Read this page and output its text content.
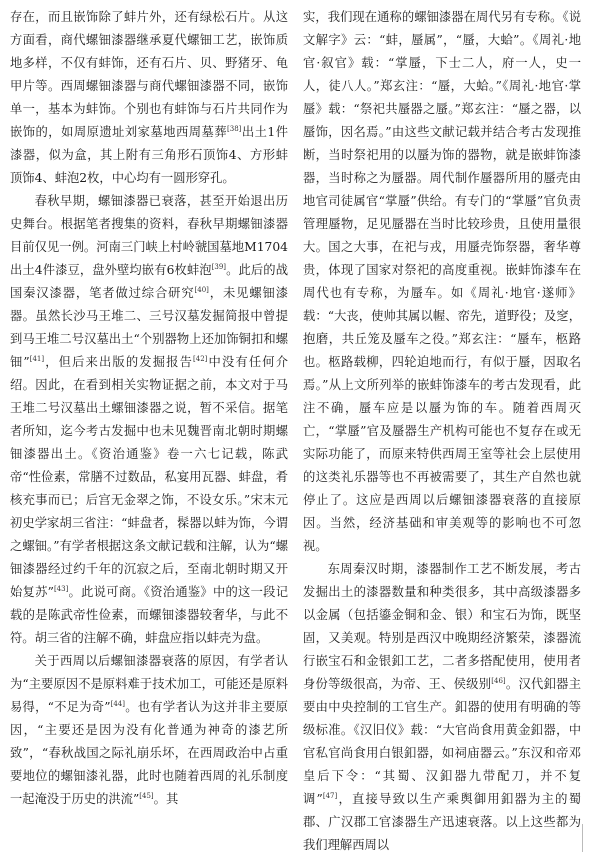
存在，而且嵌饰除了蚌片外，还有绿松石片。从这方面看，商代螺钿漆器继承夏代螺钿工艺，嵌饰质地多样，不仅有蚌饰，还有石片、贝、野猪牙、龟甲片等。西周螺钿漆器与商代螺钿漆器不同，嵌饰单一，基本为蚌饰。个别也有蚌饰与石片共同作为嵌饰的，如周原遗址刘家墓地西周墓葬[38]出土1件漆器，似为盒，其上附有三角形石顶饰4、方形蚌顶饰4、蚌泡2枚，中心均有一圆形穿孔。

春秋早期，螺钿漆器已衰落，甚至开始退出历史舞台。根据笔者搜集的资料，春秋早期螺钿漆器目前仅见一例。河南三门峡上村岭虢国墓地M1704出土4件漆豆，盘外壁均嵌有6枚蚌泡[39]。此后的战国秦汉漆器，笔者做过综合研究[40]，未见螺钿漆器。虽然长沙马王堆二、三号汉墓发掘简报中曾提到马王堆二号汉墓出土“个别器物上还加饰铜扣和螺钿”[41]，但后来出版的发掘报告[42]中没有任何介绍。因此，在看到相关实物证据之前，本文对于马王堆二号汉墓出土螺钿漆器之说，暂不采信。据笔者所知，迄今考古发掘中也未见魏晋南北朝时期螺钿漆器出土。《资治通鉴》卷一六七记载，陈武帝“性俭素，常膳不过数品，私宴用瓦器、蚌盘，肴核充事而已；后宫无金翠之饰，不设女乐。”宋末元初史学家胡三省注：“蚌盘者，髹器以蚌为饰，今谓之螺钿。”有学者根据这条文献记载和注解，认为“螺钿漆器经过约千年的沉寂之后，至南北朝时期又开始复苏”[43]。此说可商。《资治通鉴》中的这一段记载的是陈武帝性俭素，而螺钿漆器较奢华，与此不符。胡三省的注解不确，蚌盘应指以蚌壳为盘。

关于西周以后螺钿漆器衰落的原因，有学者认为“主要原因不是原料难于技术加工，可能还是原料易得，“不足为奇”[44]。也有学者认为这并非主要原因，“主要还是因为没有化普通为神奇的漆艺所致”，“春秋战国之际礼崩乐坏，在西周政治中占重要地位的螺钿漆礼器，此时也随着西周的礼乐制度一起淹没于历史的洪流”[45]。其

实，我们现在通称的螺钿漆器在周代另有专称。《说文解字》云：“蚌，蜃属”，“蜃，大蛤”。《周礼·地官·叙官》载：“掌蜃，下士二人，府一人，史一人，徒八人。”郑玄注：“蜃，大蛤。”《周礼·地官·掌蜃》载：“祭祀共蜃器之蜃。”郑玄注：“蜃之器，以蜃饰，因名焉。”由这些文献记载并结合考古发现推断，当时祭祀用的以蜃为饰的器物，就是嵌蚌饰漆器，当时称之为蜃器。周代制作蜃器所用的蜃壳由地官司徒属官“掌蜃”供给。有专门的“掌蜃”官负责管理蜃物，足见蜃器在当时比较珍贵，且使用量很大。国之大事，在祀与戎，用蜃壳饰祭器，奢华尊贵，体现了国家对祭祀的高度重视。嵌蚌饰漆车在周代也有专称，为蜃车。如《周礼·地官·遂师》载：“大丧，使帅其属以幄、帟先，道野役；及窆，抱磨，共丘笼及蜃车之役。”郑玄注：“蜃车，柩路也。柩路载柳，四轮迫地而行，有似于蜃，因取名焉。”从上文所列举的嵌蚌饰漆车的考古发现看，此注不确，蜃车应是以蜃为饰的车。随着西周灭亡，“掌蜃”官及蜃器生产机构可能也不复存在或无实际功能了，而原来特供西周王室等社会上层使用的这类礼乐器等也不再被需要了，其生产自然也就停止了。这应是西周以后螺钿漆器衰落的直接原因。当然，经济基础和审美观等的影响也不可忽视。

东周秦汉时期，漆器制作工艺不断发展，考古发掘出土的漆器数量和种类很多，其中高级漆器多以金属（包括鎏金铜和金、银）和宝石为饰，既坚固，又美观。特别是西汉中晚期经济繁荣，漆器流行嵌宝石和金银釦工艺，二者多搭配使用，使用者身份等级很高，为帝、王、侯级别[46]。汉代釦器主要由中央控制的工官生产。釦器的使用有明确的等级标准。《汉旧仪》载：“大官尚食用黄金釦器，中官私官尚食用白银釦器，如祠庙器云。”东汉和帝邓皇后下令：“其蜀、汉釦器九带配刀，并不复调”[47]，直接导致以生产乘舆御用釦器为主的蜀郡、广汉郡工官漆器生产迅速衰落。以上这些都为我们理解西周以
